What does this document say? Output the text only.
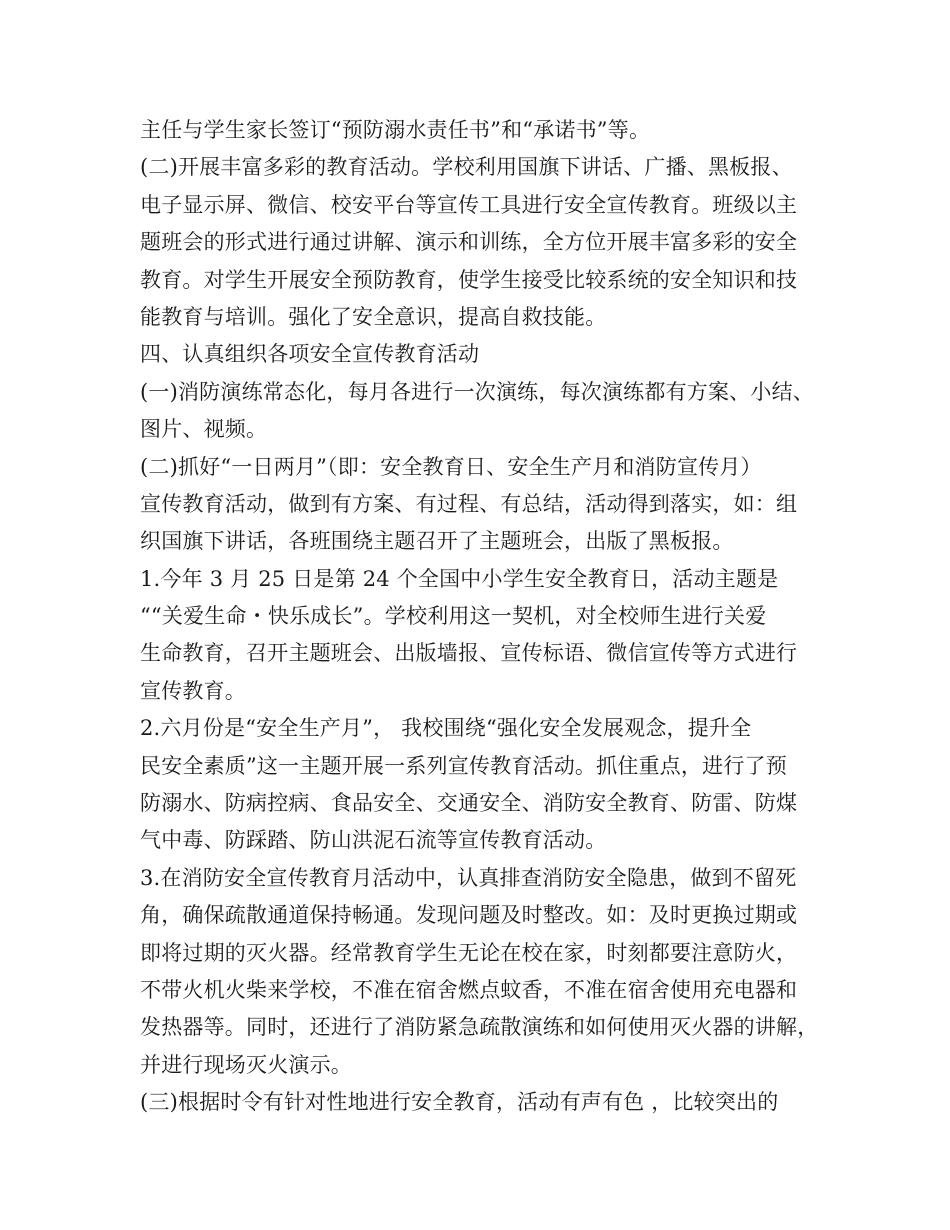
主任与学生家长签订“预防溺水责任书”和“承诺书”等。
(二)开展丰富多彩的教育活动。学校利用国旗下讲话、广播、黑板报、
电子显示屏、微信、校安平台等宣传工具进行安全宣传教育。班级以主
题班会的形式进行通过讲解、演示和训练，全方位开展丰富多彩的安全
教育。对学生开展安全预防教育，使学生接受比较系统的安全知识和技
能教育与培训。强化了安全意识，提高自救技能。
四、认真组织各项安全宣传教育活动
(一)消防演练常态化，每月各进行一次演练，每次演练都有方案、小结、
图片、视频。
(二)抓好“一日两月”（即：安全教育日、安全生产月和消防宣传月）
宣传教育活动，做到有方案、有过程、有总结，活动得到落实，如：组
织国旗下讲话，各班围绕主题召开了主题班会，出版了黑板报。
1.今年 3 月 25 日是第 24 个全国中小学生安全教育日，活动主题是
““关爱生命・快乐成长”。学校利用这一契机，对全校师生进行关爱
生命教育，召开主题班会、出版墙报、宣传标语、微信宣传等方式进行
宣传教育。
2.六月份是“安全生产月”， 我校围绕“强化安全发展观念，提升全
民安全素质”这一主题开展一系列宣传教育活动。抓住重点，进行了预
防溺水、防病控病、食品安全、交通安全、消防安全教育、防雷、防煤
气中毒、防踩踏、防山洪泥石流等宣传教育活动。
3.在消防安全宣传教育月活动中，认真排查消防安全隐患，做到不留死
角，确保疏散通道保持畅通。发现问题及时整改。如：及时更换过期或
即将过期的灭火器。经常教育学生无论在校在家，时刻都要注意防火，
不带火机火柴来学校，不准在宿舍燃点蚊香，不准在宿舍使用充电器和
发热器等。同时，还进行了消防紧急疏散演练和如何使用灭火器的讲解，
并进行现场灭火演示。
(三)根据时令有针对性地进行安全教育，活动有声有色 ，比较突出的
